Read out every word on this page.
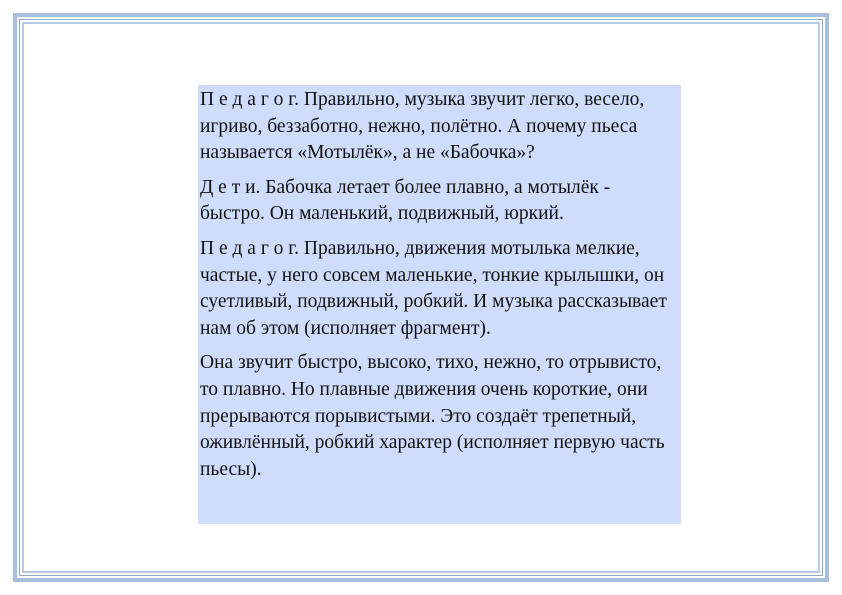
П е д а г о г. Правильно, музыка звучит легко, весело, игриво, беззаботно, нежно, полётно. А почему пьеса называется «Мотылёк», а не «Бабочка»?

Д е т и. Бабочка летает более плавно, а мотылёк - быстро. Он маленький, подвижный, юркий.

П е д а г о г. Правильно, движения мотылька мелкие, частые, у него совсем маленькие, тонкие крылышки, он суетливый, подвижный, робкий. И музыка рассказывает нам об этом (исполняет фрагмент).

Она звучит быстро, высоко, тихо, нежно, то отрывисто, то плавно. Но плавные движения очень короткие, они прерываются порывистыми. Это создаёт трепетный, оживлённый, робкий характер (исполняет первую часть пьесы).
